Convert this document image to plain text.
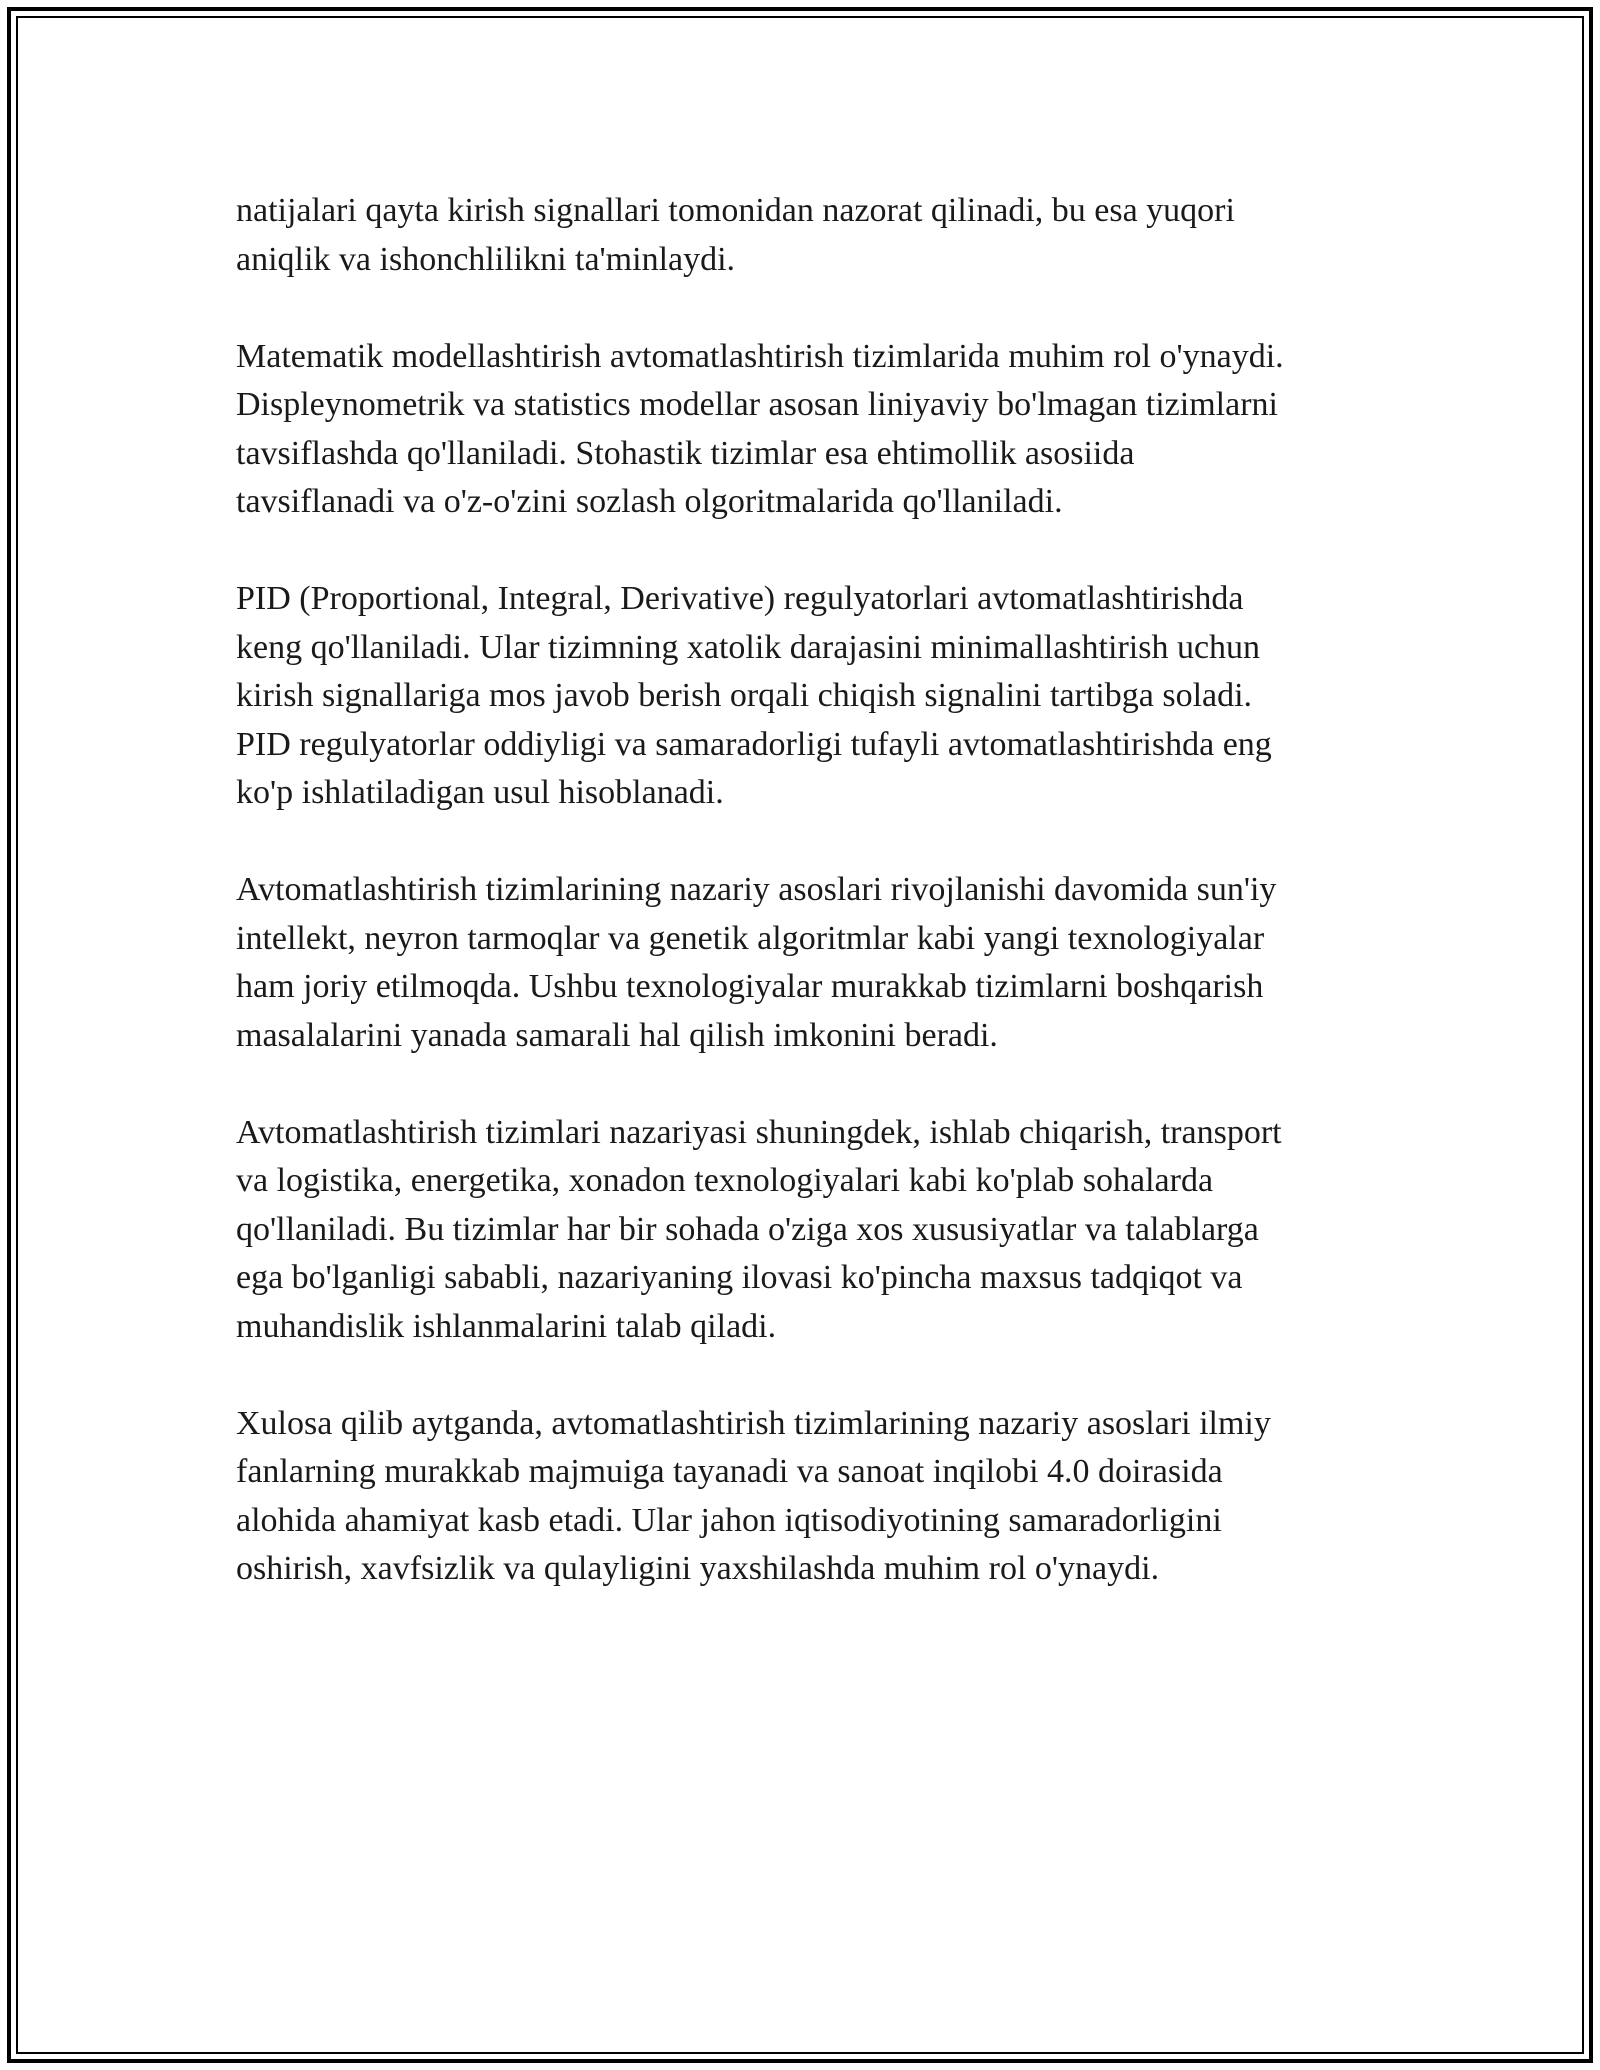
natijalari qayta kirish signallari tomonidan nazorat qilinadi, bu esa yuqori
aniqlik va ishonchlilikni ta'minlaydi.

Matematik modellashtirish avtomatlashtirish tizimlarida muhim rol o'ynaydi.
Displeynometrik va statistics modellar asosan liniyaviy bo'lmagan tizimlarni
tavsiflashda qo'llaniladi. Stohastik tizimlar esa ehtimollik asosiida
tavsiflanadi va o'z-o'zini sozlash olgoritmalarida qo'llaniladi.

PID (Proportional, Integral, Derivative) regulyatorlari avtomatlashtirishda
keng qo'llaniladi. Ular tizimning xatolik darajasini minimallashtirish uchun
kirish signallariga mos javob berish orqali chiqish signalini tartibga soladi.
PID regulyatorlar oddiyligi va samaradorligi tufayli avtomatlashtirishda eng
ko'p ishlatiladigan usul hisoblanadi.

Avtomatlashtirish tizimlarining nazariy asoslari rivojlanishi davomida sun'iy
intellekt, neyron tarmoqlar va genetik algoritmlar kabi yangi texnologiyalar
ham joriy etilmoqda. Ushbu texnologiyalar murakkab tizimlarni boshqarish
masalalarini yanada samarali hal qilish imkonini beradi.

Avtomatlashtirish tizimlari nazariyasi shuningdek, ishlab chiqarish, transport
va logistika, energetika, xonadon texnologiyalari kabi ko'plab sohalarda
qo'llaniladi. Bu tizimlar har bir sohada o'ziga xos xususiyatlar va talablarga
ega bo'lganligi sababli, nazariyaning ilovasi ko'pincha maxsus tadqiqot va
muhandislik ishlanmalarini talab qiladi.

Xulosa qilib aytganda, avtomatlashtirish tizimlarining nazariy asoslari ilmiy
fanlarning murakkab majmuiga tayanadi va sanoat inqilobi 4.0 doirasida
alohida ahamiyat kasb etadi. Ular jahon iqtisodiyotining samaradorligini
oshirish, xavfsizlik va qulayligini yaxshilashda muhim rol o'ynaydi.
